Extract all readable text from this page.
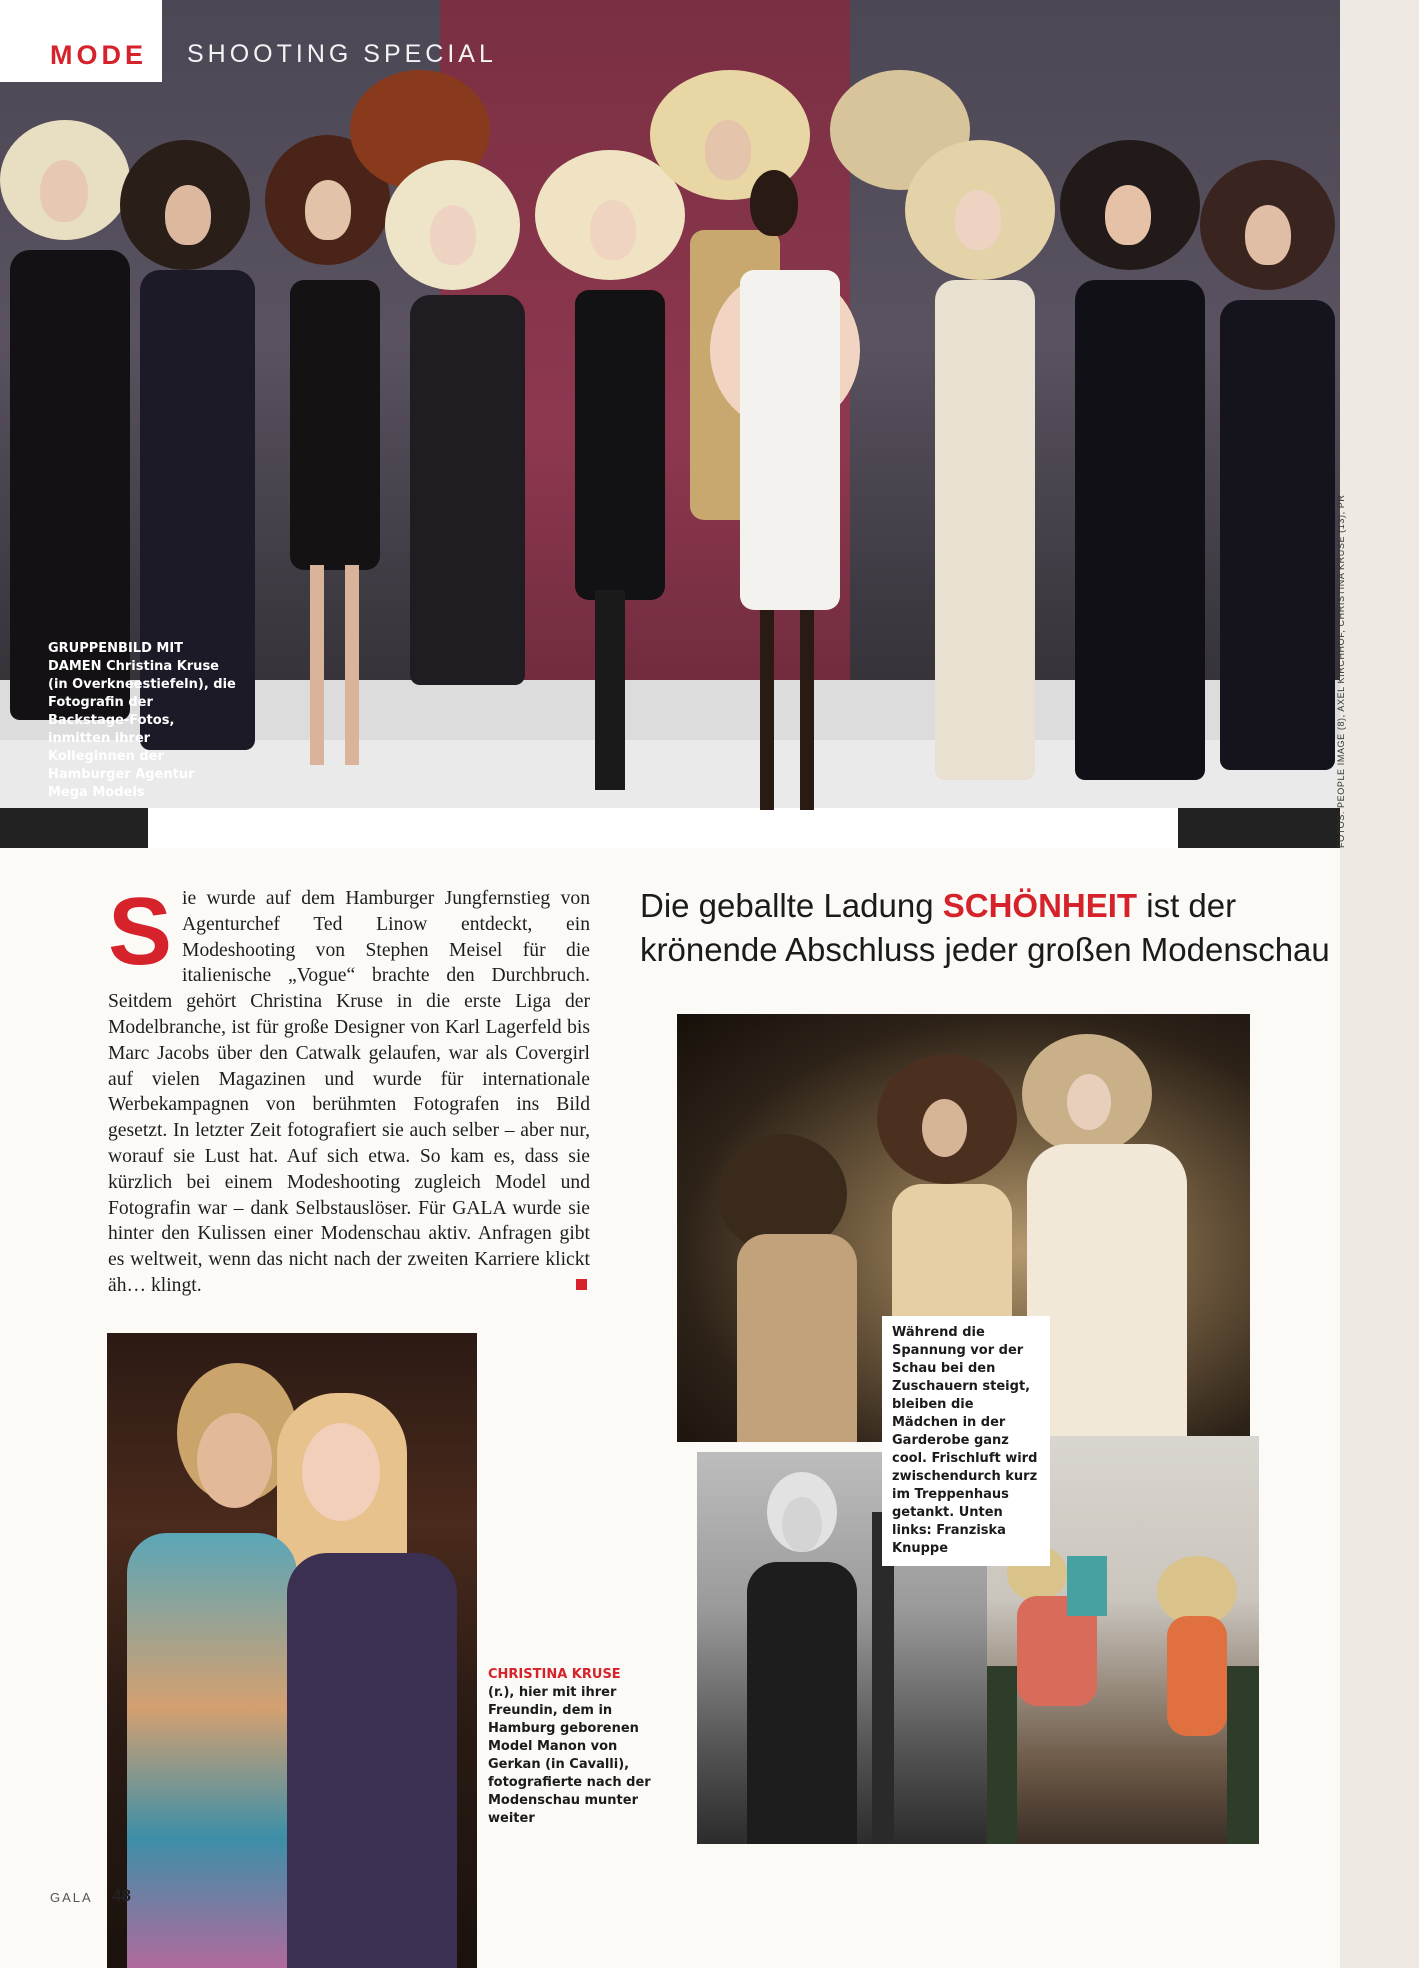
MODE SHOOTING SPECIAL
GRUPPENBILD MIT DAMEN Christina Kruse (in Overkneestiefeln), die Fotografin der Backstage-Fotos, inmitten ihrer Kolleginnen der Hamburger Agentur Mega Models	FOTOS: PEOPLE IMAGE (8), AXEL KIRCHHOF, CHRISTINA KRUSE (13), PR
Sie wurde auf dem Hamburger Jungfernstieg von Agenturchef Ted Linow entdeckt, ein Modeshooting von Stephen Meisel für die italienische „Vogue“ brachte den Durchbruch. Seitdem gehört Christina Kruse in die erste Liga der Modelbranche, ist für große Designer von Karl Lagerfeld bis Marc Jacobs über den Catwalk gelaufen, war als Covergirl auf vielen Magazinen und wurde für internationale Werbekampagnen von berühmten Fotografen ins Bild gesetzt. In letzter Zeit fotografiert sie auch selber – aber nur, worauf sie Lust hat. Auf sich etwa. So kam es, dass sie kürzlich bei einem Modeshooting zugleich Model und Fotografin war – dank Selbstauslöser. Für GALA wurde sie hinter den Kulissen einer Modenschau aktiv. Anfragen gibt es weltweit, wenn das nicht nach der zweiten Karriere klickt äh… klingt.
Die geballte Ladung SCHÖNHEIT ist der krönende Abschluss jeder großen Modenschau
Während die Spannung vor der Schau bei den Zuschauern steigt, bleiben die Mädchen in der Garderobe ganz cool. Frischluft wird zwischendurch kurz im Treppenhaus getankt. Unten links: Franziska Knuppe
CHRISTINA KRUSE
(r.), hier mit ihrer Freundin, dem in Hamburg geborenen Model Manon von Gerkan (in Cavalli), fotografierte nach der Modenschau munter weiter
GALA 48
